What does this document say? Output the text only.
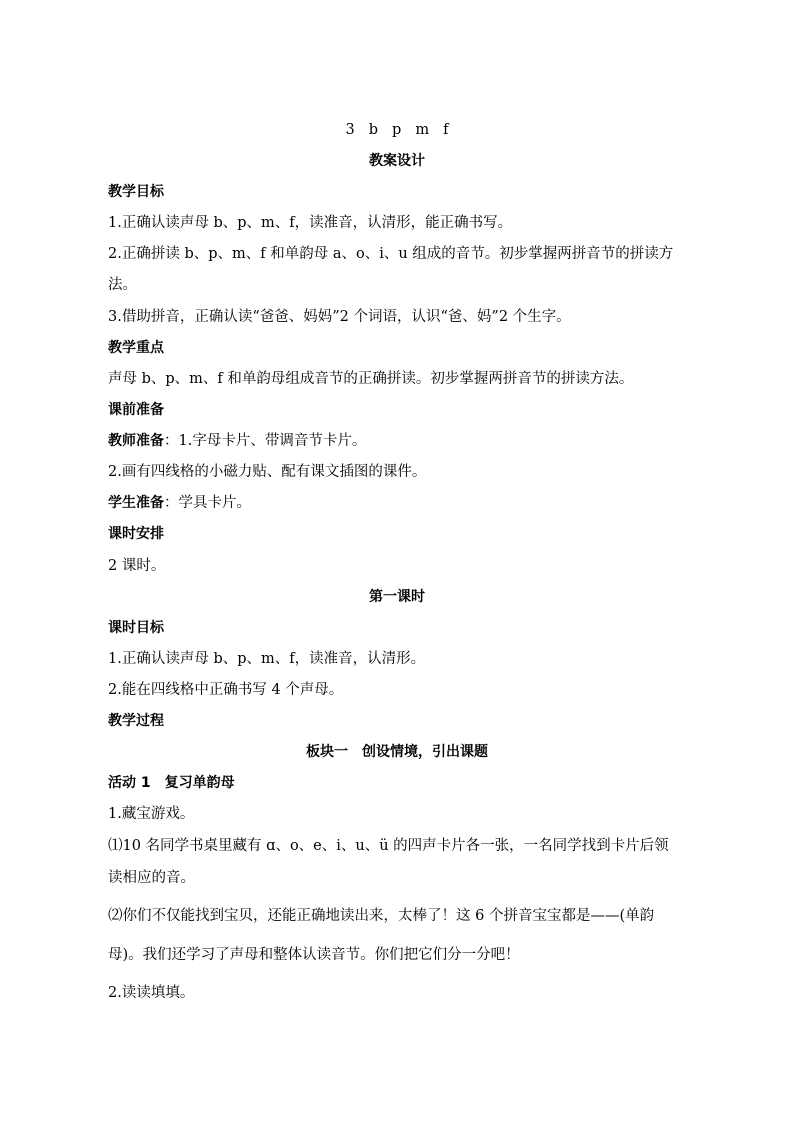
3 b p m f
教案设计
教学目标
1.正确认读声母 b、p、m、f，读准音，认清形，能正确书写。
2.正确拼读 b、p、m、f 和单韵母 a、o、i、u 组成的音节。初步掌握两拼音节的拼读方
法。
3.借助拼音，正确认读“爸爸、妈妈”2 个词语，认识“爸、妈”2 个生字。
教学重点
声母 b、p、m、f 和单韵母组成音节的正确拼读。初步掌握两拼音节的拼读方法。
课前准备
教师准备：1.字母卡片、带调音节卡片。
2.画有四线格的小磁力贴、配有课文插图的课件。
学生准备：学具卡片。
课时安排
2 课时。
第一课时
课时目标
1.正确认读声母 b、p、m、f，读准音，认清形。
2.能在四线格中正确书写 4 个声母。
教学过程
板块一　创设情境，引出课题
活动 1　复习单韵母
1.藏宝游戏。
⑴10 名同学书桌里藏有 ɑ、o、e、i、u、ü 的四声卡片各一张，一名同学找到卡片后领
读相应的音。
⑵你们不仅能找到宝贝，还能正确地读出来，太棒了！这 6 个拼音宝宝都是——(单韵
母)。我们还学习了声母和整体认读音节。你们把它们分一分吧！
2.读读填填。
